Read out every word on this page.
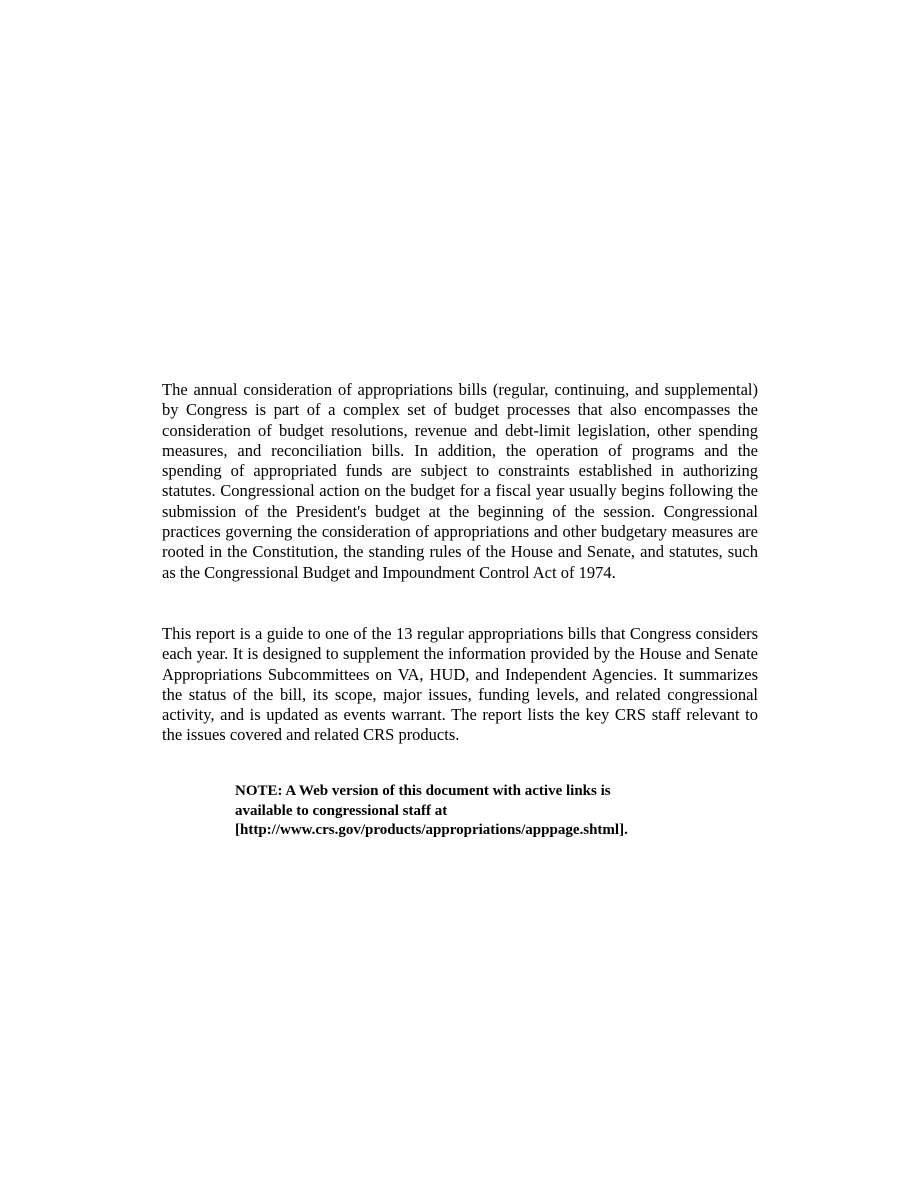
The annual consideration of appropriations bills (regular, continuing, and supplemental) by Congress is part of a complex set of budget processes that also encompasses the consideration of budget resolutions, revenue and debt-limit legislation, other spending measures, and reconciliation bills. In addition, the operation of programs and the spending of appropriated funds are subject to constraints established in authorizing statutes. Congressional action on the budget for a fiscal year usually begins following the submission of the President's budget at the beginning of the session. Congressional practices governing the consideration of appropriations and other budgetary measures are rooted in the Constitution, the standing rules of the House and Senate, and statutes, such as the Congressional Budget and Impoundment Control Act of 1974.

This report is a guide to one of the 13 regular appropriations bills that Congress considers each year. It is designed to supplement the information provided by the House and Senate Appropriations Subcommittees on VA, HUD, and Independent Agencies. It summarizes the status of the bill, its scope, major issues, funding levels, and related congressional activity, and is updated as events warrant. The report lists the key CRS staff relevant to the issues covered and related CRS products.

NOTE: A Web version of this document with active links is
available to congressional staff at
[http://www.crs.gov/products/appropriations/apppage.shtml].
